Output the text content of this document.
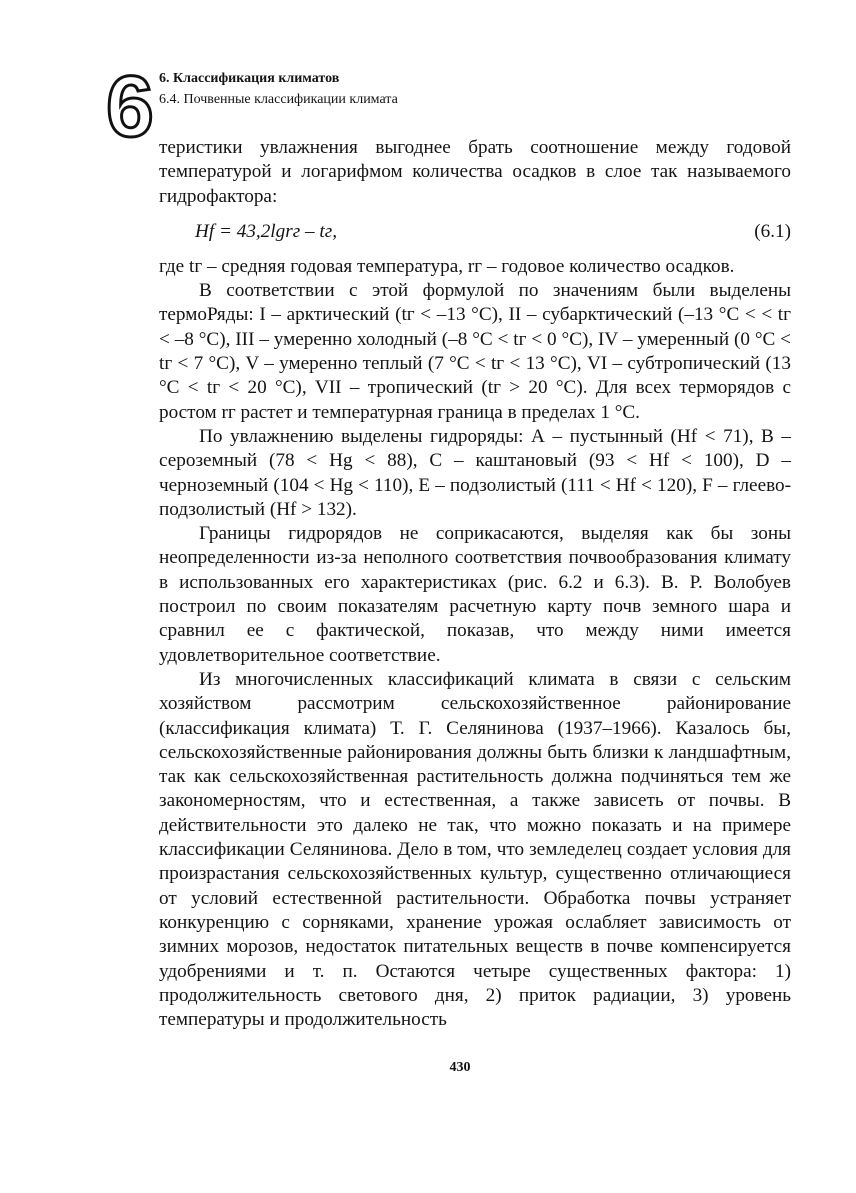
6 6. Классификация климатов
6.4. Почвенные классификации климата

теристики увлажнения выгоднее брать соотношение между годовой температурой и логарифмом количества осадков в слое так называемого гидрофактора:

Hf = 43,2lgrг – tг,	(6.1)

где tг – средняя годовая температура, rг – годовое количество осадков.

В соответствии с этой формулой по значениям были выделены термоРяды: I – арктический (tг < –13 °С), II – субарктический (–13 °С < < tг < –8 °С), III – умеренно холодный (–8 °С < tг < 0 °С), IV – умеренный (0 °С < tг < 7 °С), V – умеренно теплый (7 °С < tг < 13 °С), VI – субтропический (13 °С < tг < 20 °С), VII – тропический (tг > 20 °С). Для всех терморядов с ростом rг растет и температурная граница в пределах 1 °С.

По увлажнению выделены гидроряды: А – пустынный (Hf < 71), В – сероземный (78 < Hg < 88), С – каштановый (93 < Hf < 100), D – черноземный (104 < Hg < 110), Е – подзолистый (111 < Hf < 120), F – глеево-подзолистый (Hf > 132).

Границы гидрорядов не соприкасаются, выделяя как бы зоны неопределенности из-за неполного соответствия почвообразования климату в использованных его характеристиках (рис. 6.2 и 6.3). В. Р. Волобуев построил по своим показателям расчетную карту почв земного шара и сравнил ее с фактической, показав, что между ними имеется удовлетворительное соответствие.

Из многочисленных классификаций климата в связи с сельским хозяйством рассмотрим сельскохозяйственное районирование (классификация климата) Т. Г. Селянинова (1937–1966). Казалось бы, сельскохозяйственные районирования должны быть близки к ландшафтным, так как сельскохозяйственная растительность должна подчиняться тем же закономерностям, что и естественная, а также зависеть от почвы. В действительности это далеко не так, что можно показать и на примере классификации Селянинова. Дело в том, что земледелец создает условия для произрастания сельскохозяйственных культур, существенно отличающиеся от условий естественной растительности. Обработка почвы устраняет конкуренцию с сорняками, хранение урожая ослабляет зависимость от зимних морозов, недостаток питательных веществ в почве компенсируется удобрениями и т. п. Остаются четыре существенных фактора: 1) продолжительность светового дня, 2) приток радиации, 3) уровень температуры и продолжительность

430
